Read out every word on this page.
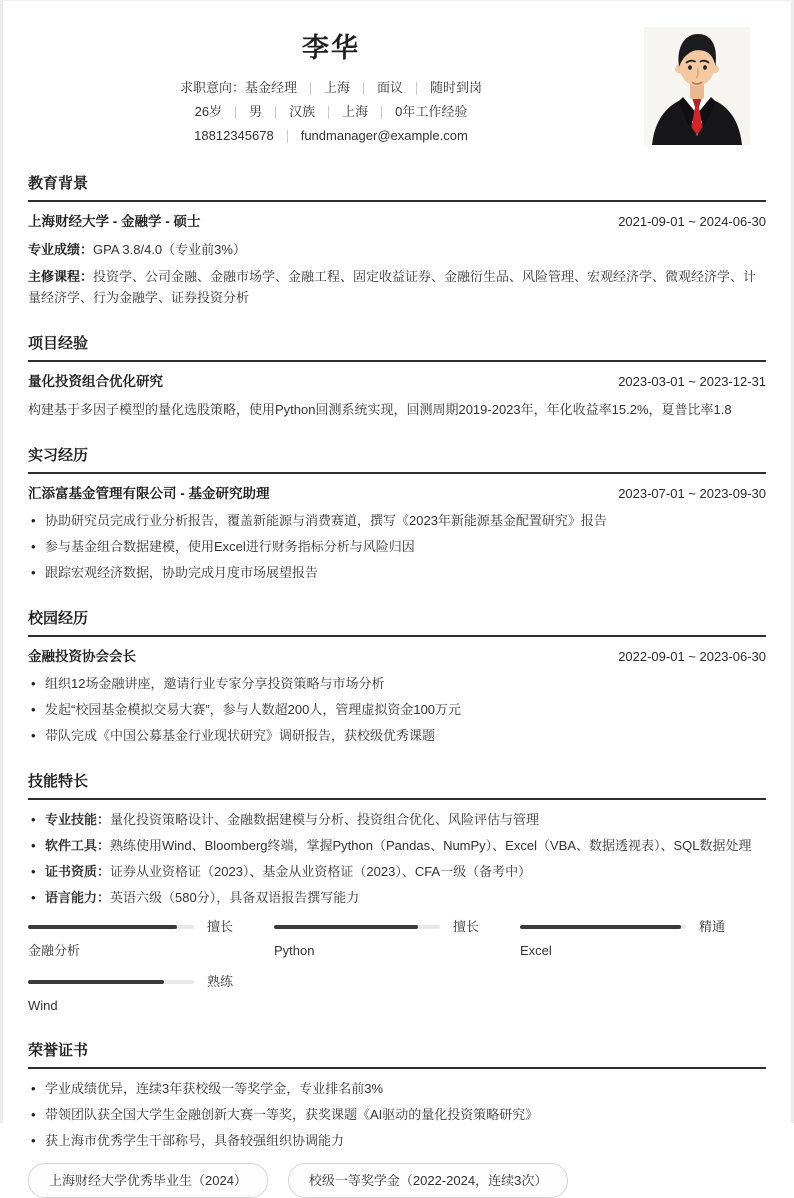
李华
求职意向： 基金经理 上海 面议 随时到岗
26岁 男 汉族 上海 0年工作经验
18812345678 fundmanager@example.com
教育背景
上海财经大学 - 金融学 - 硕士	2021-09-01 ~ 2024-06-30

专业成绩：GPA 3.8/4.0（专业前3%）

主修课程：投资学、公司金融、金融市场学、金融工程、固定收益证券、金融衍生品、风险管理、宏观经济学、微观经济学、计量经济学、行为金融学、证券投资分析

项目经验
量化投资组合优化研究	2023-03-01 ~ 2023-12-31

构建基于多因子模型的量化选股策略，使用Python回测系统实现，回测周期2019-2023年，年化收益率15.2%，夏普比率1.8

实习经历
汇添富基金管理有限公司 - 基金研究助理	2023-07-01 ~ 2023-09-30
• 协助研究员完成行业分析报告，覆盖新能源与消费赛道，撰写《2023年新能源基金配置研究》报告
• 参与基金组合数据建模，使用Excel进行财务指标分析与风险归因
• 跟踪宏观经济数据，协助完成月度市场展望报告
校园经历
金融投资协会会长	2022-09-01 ~ 2023-06-30
• 组织12场金融讲座，邀请行业专家分享投资策略与市场分析
• 发起“校园基金模拟交易大赛”，参与人数超200人，管理虚拟资金100万元
• 带队完成《中国公募基金行业现状研究》调研报告，获校级优秀课题
技能特长
• 专业技能：量化投资策略设计、金融数据建模与分析、投资组合优化、风险评估与管理
• 软件工具：熟练使用Wind、Bloomberg终端，掌握Python（Pandas、NumPy）、Excel（VBA、数据透视表）、SQL数据处理
• 证书资质：证券从业资格证（2023）、基金从业资格证（2023）、CFA一级（备考中）
• 语言能力：英语六级（580分），具备双语报告撰写能力
擅长
金融分析
擅长
Python
精通
Excel
熟练
Wind
荣誉证书
• 学业成绩优异，连续3年获校级一等奖学金，专业排名前3%
• 带领团队获全国大学生金融创新大赛一等奖，获奖课题《AI驱动的量化投资策略研究》
• 获上海市优秀学生干部称号，具备较强组织协调能力
上海财经大学优秀毕业生（2024）	校级一等奖学金（2022-2024，连续3次）
